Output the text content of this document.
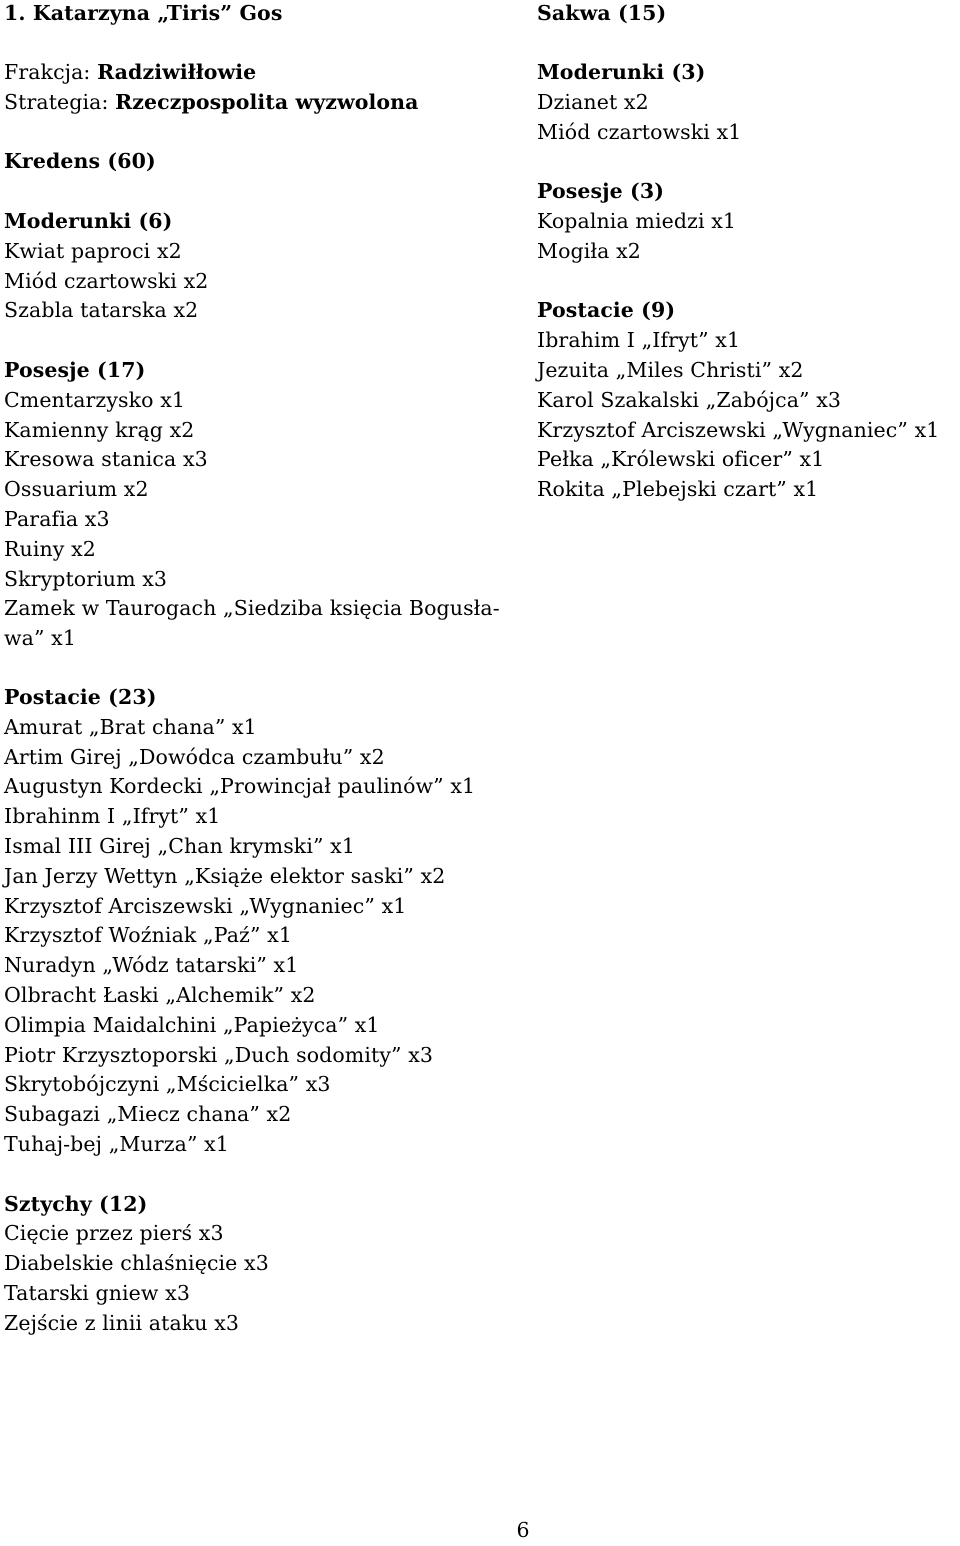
1. Katarzyna „Tiris” Gos
Frakcja: Radziwiłłowie
Strategia: Rzeczpospolita wyzwolona
Kredens (60)
Moderunki (6)
Kwiat paproci x2
Miód czartowski x2
Szabla tatarska x2
Posesje (17)
Cmentarzysko x1
Kamienny krąg x2
Kresowa stanica x3
Ossuarium x2
Parafia x3
Ruiny x2
Skryptorium x3
Zamek w Taurogach „Siedziba księcia Bogusła-
wa” x1
Sakwa (15)
Moderunki (3)
Dzianet x2
Miód czartowski x1
Posesje (3)
Kopalnia miedzi x1
Mogiła x2
Postacie (9)
Ibrahim I „Ifryt” x1
Jezuita „Miles Christi” x2
Karol Szakalski „Zabójca” x3
Krzysztof Arciszewski „Wygnaniec” x1
Pełka „Królewski oficer” x1
Rokita „Plebejski czart” x1
Postacie (23)
Amurat „Brat chana” x1
Artim Girej „Dowódca czambułu” x2
Augustyn Kordecki „Prowincjał paulinów” x1
Ibrahinm I „Ifryt” x1
Ismal III Girej „Chan krymski” x1
Jan Jerzy Wettyn „Książe elektor saski” x2
Krzysztof Arciszewski „Wygnaniec” x1
Krzysztof Woźniak „Paź” x1
Nuradyn „Wódz tatarski” x1
Olbracht Łaski „Alchemik” x2
Olimpia Maidalchini „Papieżyca” x1
Piotr Krzysztoporski „Duch sodomity” x3
Skrytobójczyni „Mścicielka” x3
Subagazi „Miecz chana” x2
Tuhaj-bej „Murza” x1
Sztychy (12)
Cięcie przez pierś x3
Diabelskie chlaśnięcie x3
Tatarski gniew x3
Zejście z linii ataku x3
6
